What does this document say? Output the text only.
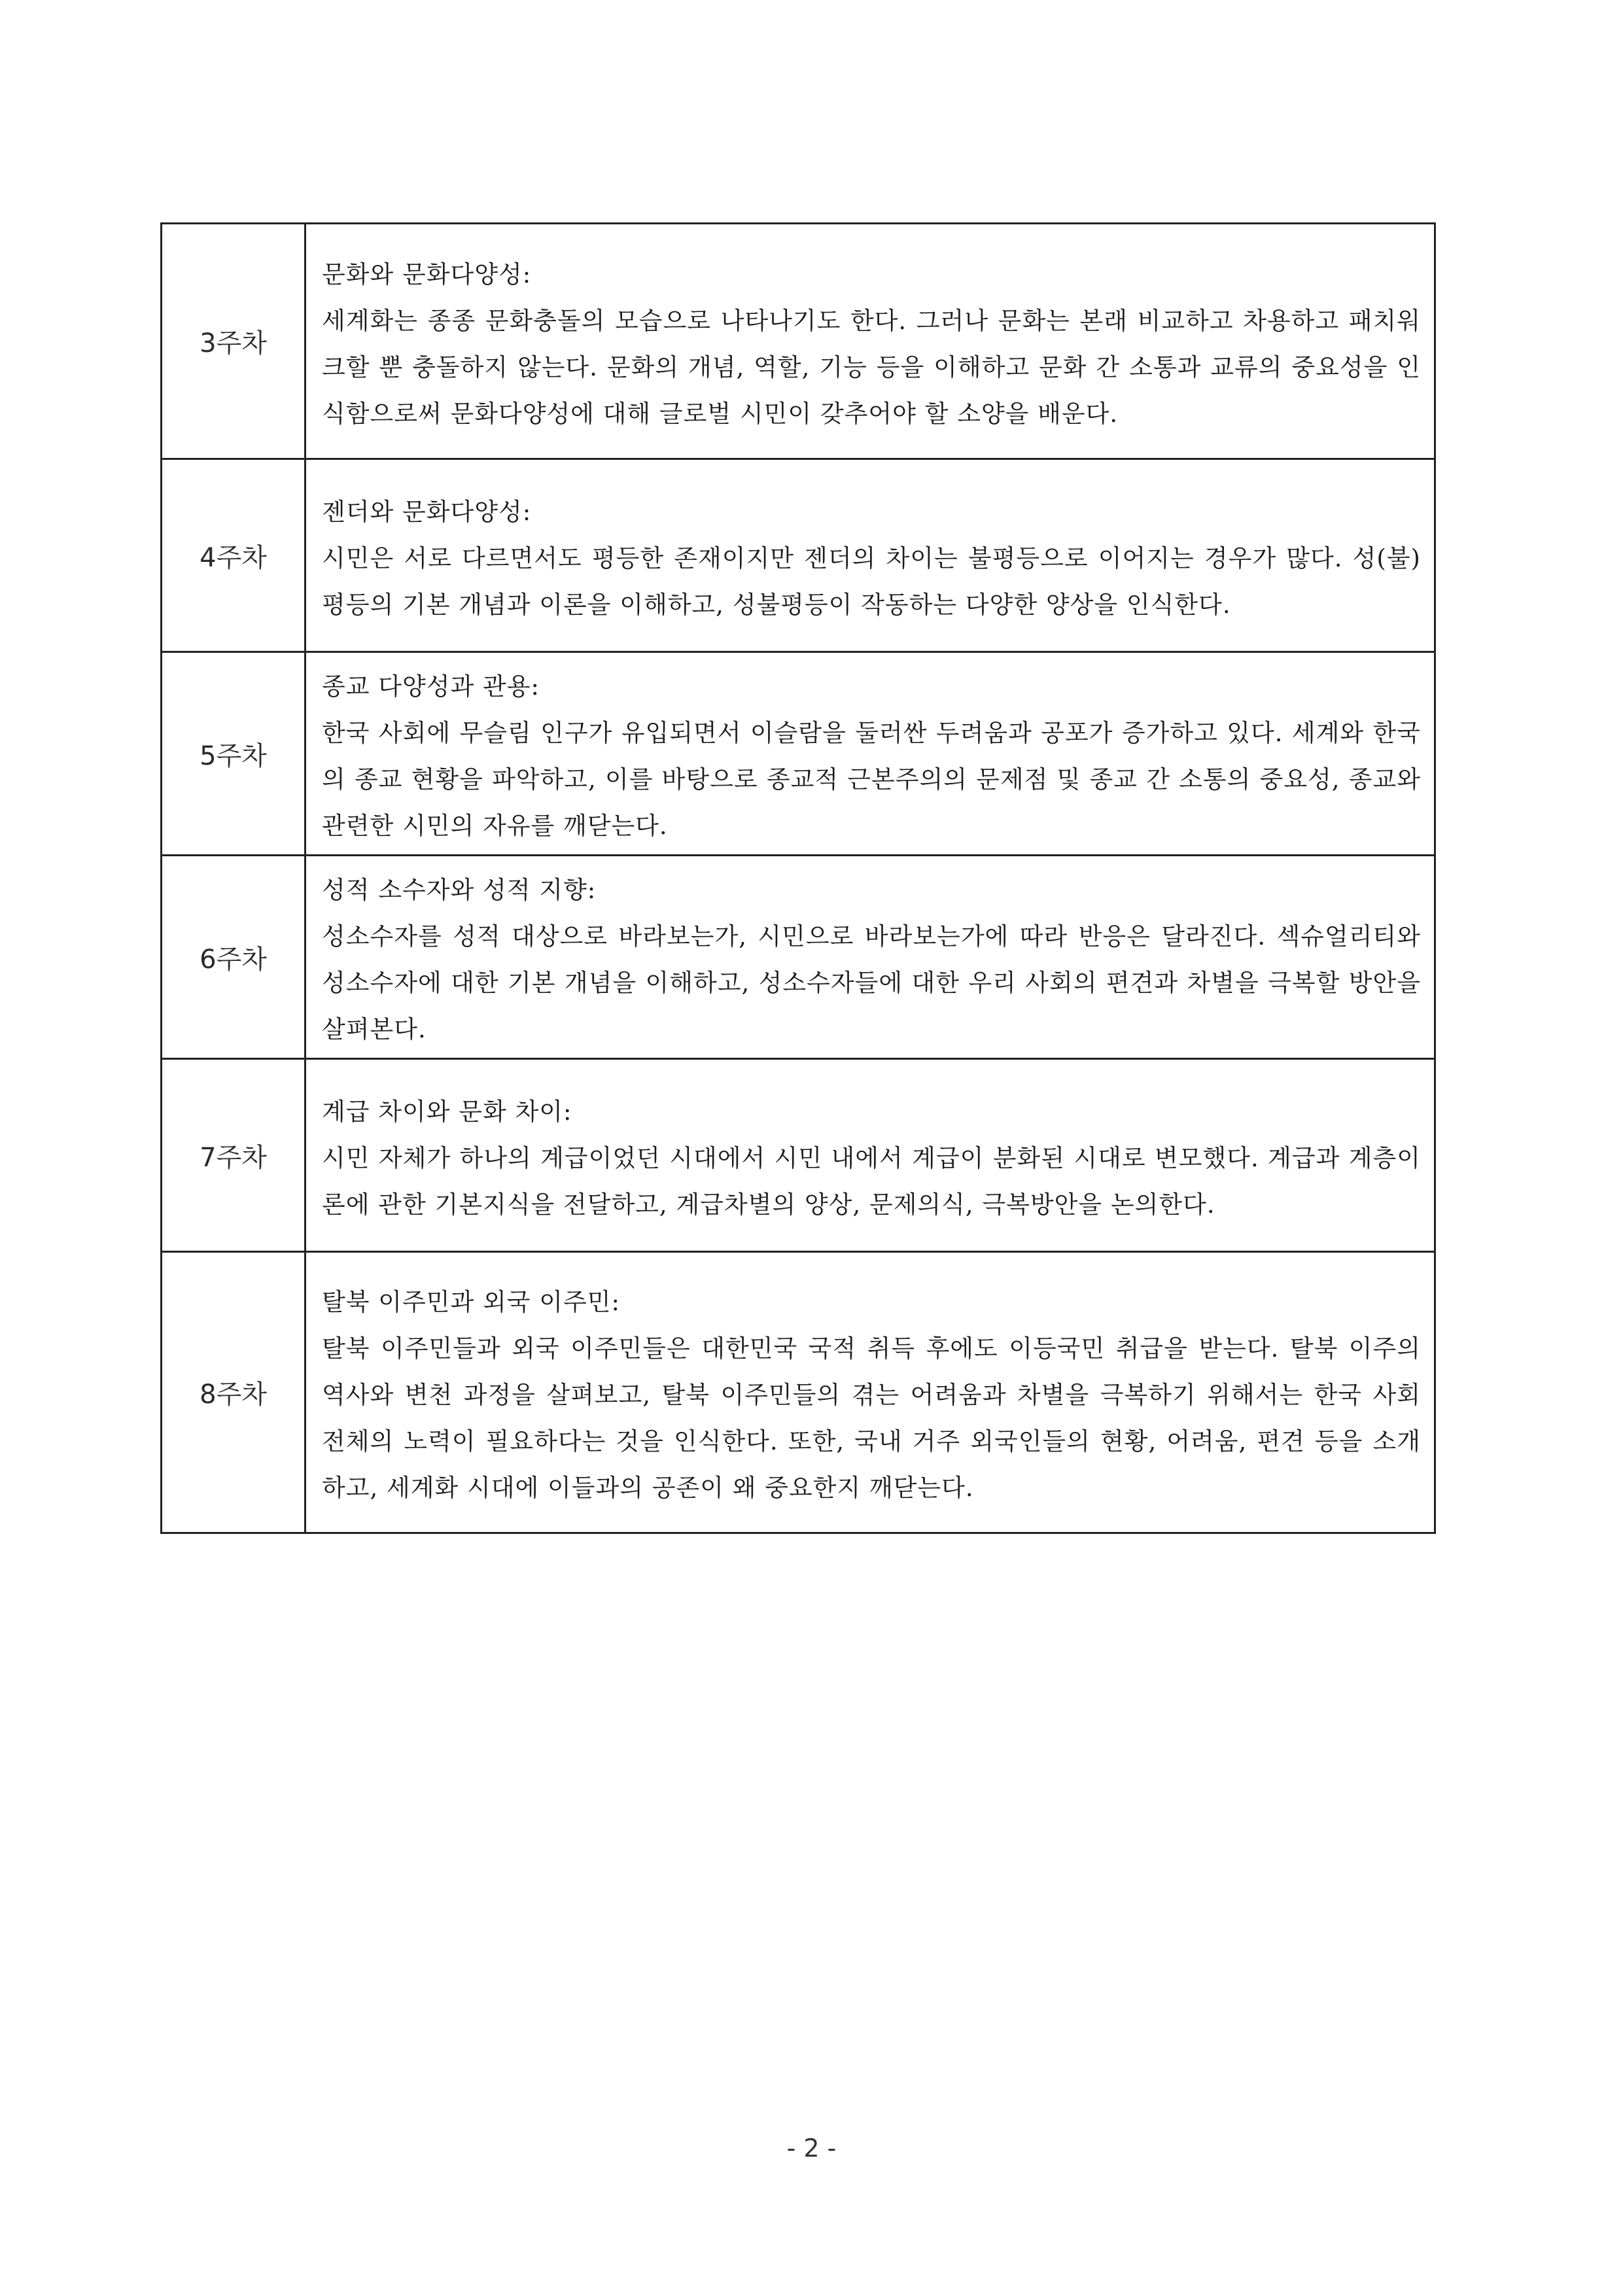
3주차	문화와 문화다양성:
세계화는 종종 문화충돌의 모습으로 나타나기도 한다. 그러나 문화는 본래 비교하고 차용하고 패치워크할 뿐 충돌하지 않는다. 문화의 개념, 역할, 기능 등을 이해하고 문화 간 소통과 교류의 중요성을 인식함으로써 문화다양성에 대해 글로벌 시민이 갖추어야 할 소양을 배운다.

4주차	젠더와 문화다양성:
시민은 서로 다르면서도 평등한 존재이지만 젠더의 차이는 불평등으로 이어지는 경우가 많다. 성(불)평등의 기본 개념과 이론을 이해하고, 성불평등이 작동하는 다양한 양상을 인식한다.

5주차	종교 다양성과 관용:
한국 사회에 무슬림 인구가 유입되면서 이슬람을 둘러싼 두려움과 공포가 증가하고 있다. 세계와 한국의 종교 현황을 파악하고, 이를 바탕으로 종교적 근본주의의 문제점 및 종교 간 소통의 중요성, 종교와 관련한 시민의 자유를 깨닫는다.

6주차	성적 소수자와 성적 지향:
성소수자를 성적 대상으로 바라보는가, 시민으로 바라보는가에 따라 반응은 달라진다. 섹슈얼리티와 성소수자에 대한 기본 개념을 이해하고, 성소수자들에 대한 우리 사회의 편견과 차별을 극복할 방안을 살펴본다.

7주차	계급 차이와 문화 차이:
시민 자체가 하나의 계급이었던 시대에서 시민 내에서 계급이 분화된 시대로 변모했다. 계급과 계층이론에 관한 기본지식을 전달하고, 계급차별의 양상, 문제의식, 극복방안을 논의한다.

8주차	탈북 이주민과 외국 이주민:
탈북 이주민들과 외국 이주민들은 대한민국 국적 취득 후에도 이등국민 취급을 받는다. 탈북 이주의 역사와 변천 과정을 살펴보고, 탈북 이주민들의 겪는 어려움과 차별을 극복하기 위해서는 한국 사회 전체의 노력이 필요하다는 것을 인식한다. 또한, 국내 거주 외국인들의 현황, 어려움, 편견 등을 소개하고, 세계화 시대에 이들과의 공존이 왜 중요한지 깨닫는다.
- 2 -
